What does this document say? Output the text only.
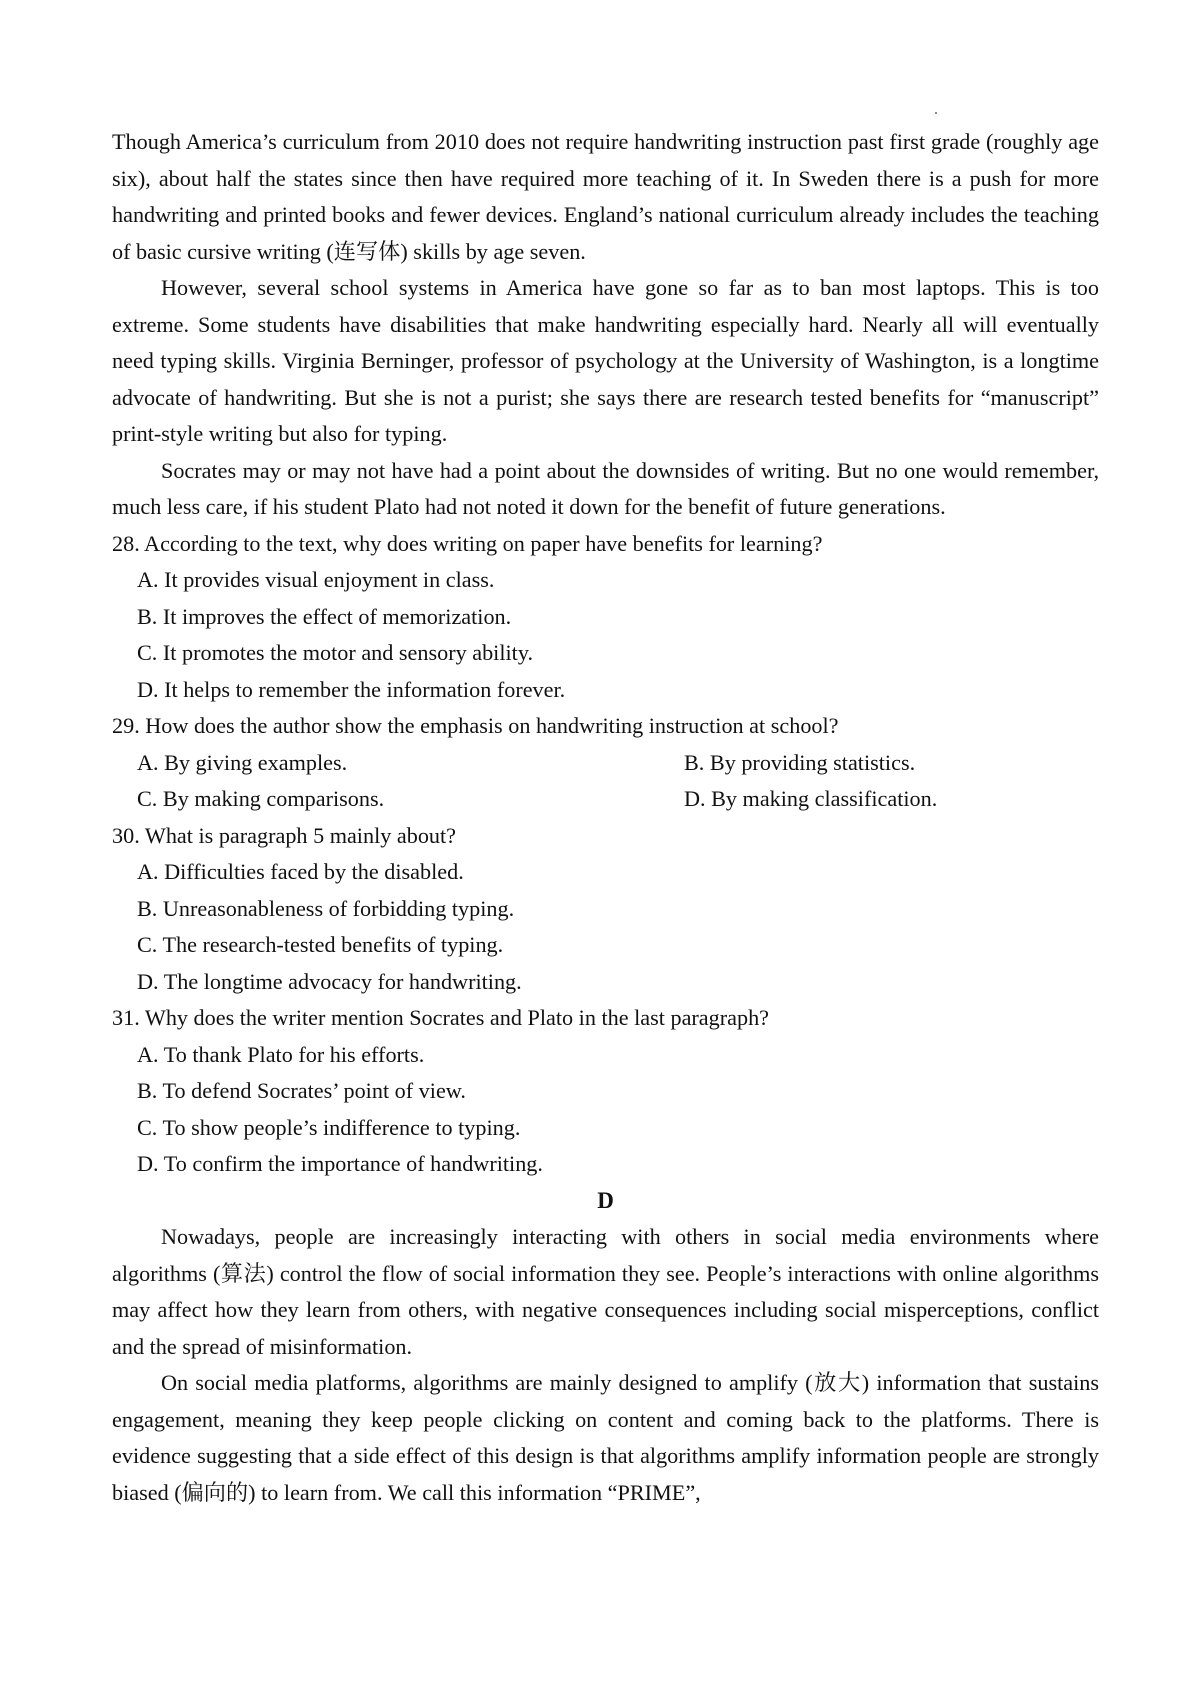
Though America’s curriculum from 2010 does not require handwriting instruction past first grade (roughly age six), about half the states since then have required more teaching of it. In Sweden there is a push for more handwriting and printed books and fewer devices. England’s national curriculum already includes the teaching of basic cursive writing (连写体) skills by age seven.

However, several school systems in America have gone so far as to ban most laptops. This is too extreme. Some students have disabilities that make handwriting especially hard. Nearly all will eventually need typing skills. Virginia Berninger, professor of psychology at the University of Washington, is a longtime advocate of handwriting. But she is not a purist; she says there are research tested benefits for “manuscript” print-style writing but also for typing.

Socrates may or may not have had a point about the downsides of writing. But no one would remember, much less care, if his student Plato had not noted it down for the benefit of future generations.

28. According to the text, why does writing on paper have benefits for learning?

A. It provides visual enjoyment in class.

B. It improves the effect of memorization.

C. It promotes the motor and sensory ability.

D. It helps to remember the information forever.

29. How does the author show the emphasis on handwriting instruction at school?

A. By giving examples.	B. By providing statistics.
C. By making comparisons.	D. By making classification.

30. What is paragraph 5 mainly about?

A. Difficulties faced by the disabled.

B. Unreasonableness of forbidding typing.

C. The research-tested benefits of typing.

D. The longtime advocacy for handwriting.

31. Why does the writer mention Socrates and Plato in the last paragraph?

A. To thank Plato for his efforts.

B. To defend Socrates’ point of view.

C. To show people’s indifference to typing.

D. To confirm the importance of handwriting.

D

Nowadays, people are increasingly interacting with others in social media environments where algorithms (算法) control the flow of social information they see. People’s interactions with online algorithms may affect how they learn from others, with negative consequences including social misperceptions, conflict and the spread of misinformation.

On social media platforms, algorithms are mainly designed to amplify (放大) information that sustains engagement, meaning they keep people clicking on content and coming back to the platforms. There is evidence suggesting that a side effect of this design is that algorithms amplify information people are strongly biased (偏向的) to learn from. We call this information “PRIME”,
